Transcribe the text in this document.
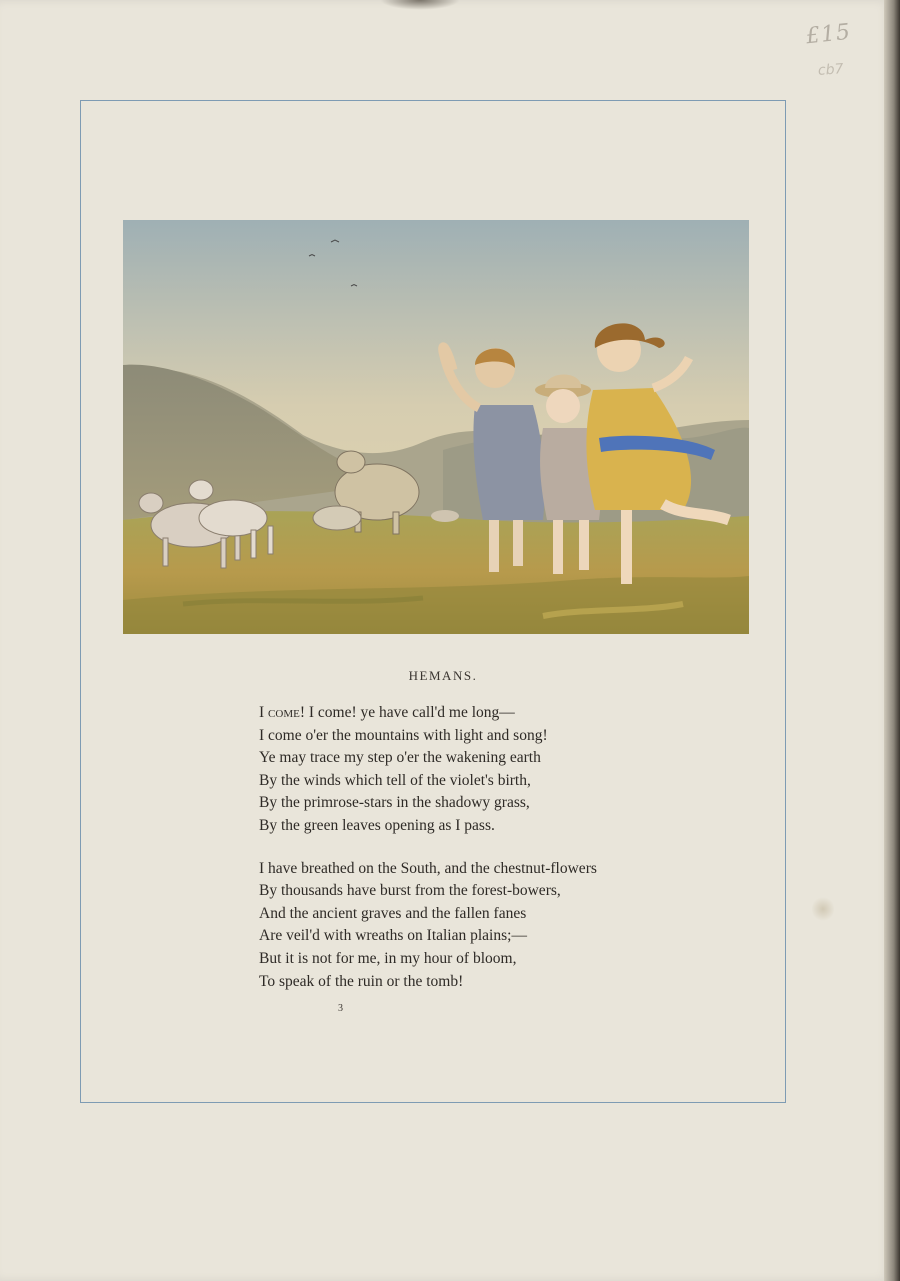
£15
cb7
HEMANS.
I come! I come! ye have call'd me long—
I come o'er the mountains with light and song!
Ye may trace my step o'er the wakening earth
By the winds which tell of the violet's birth,
By the primrose-stars in the shadowy grass,
By the green leaves opening as I pass.
I have breathed on the South, and the chestnut-flowers
By thousands have burst from the forest-bowers,
And the ancient graves and the fallen fanes
Are veil'd with wreaths on Italian plains;—
But it is not for me, in my hour of bloom,
To speak of the ruin or the tomb!
3
